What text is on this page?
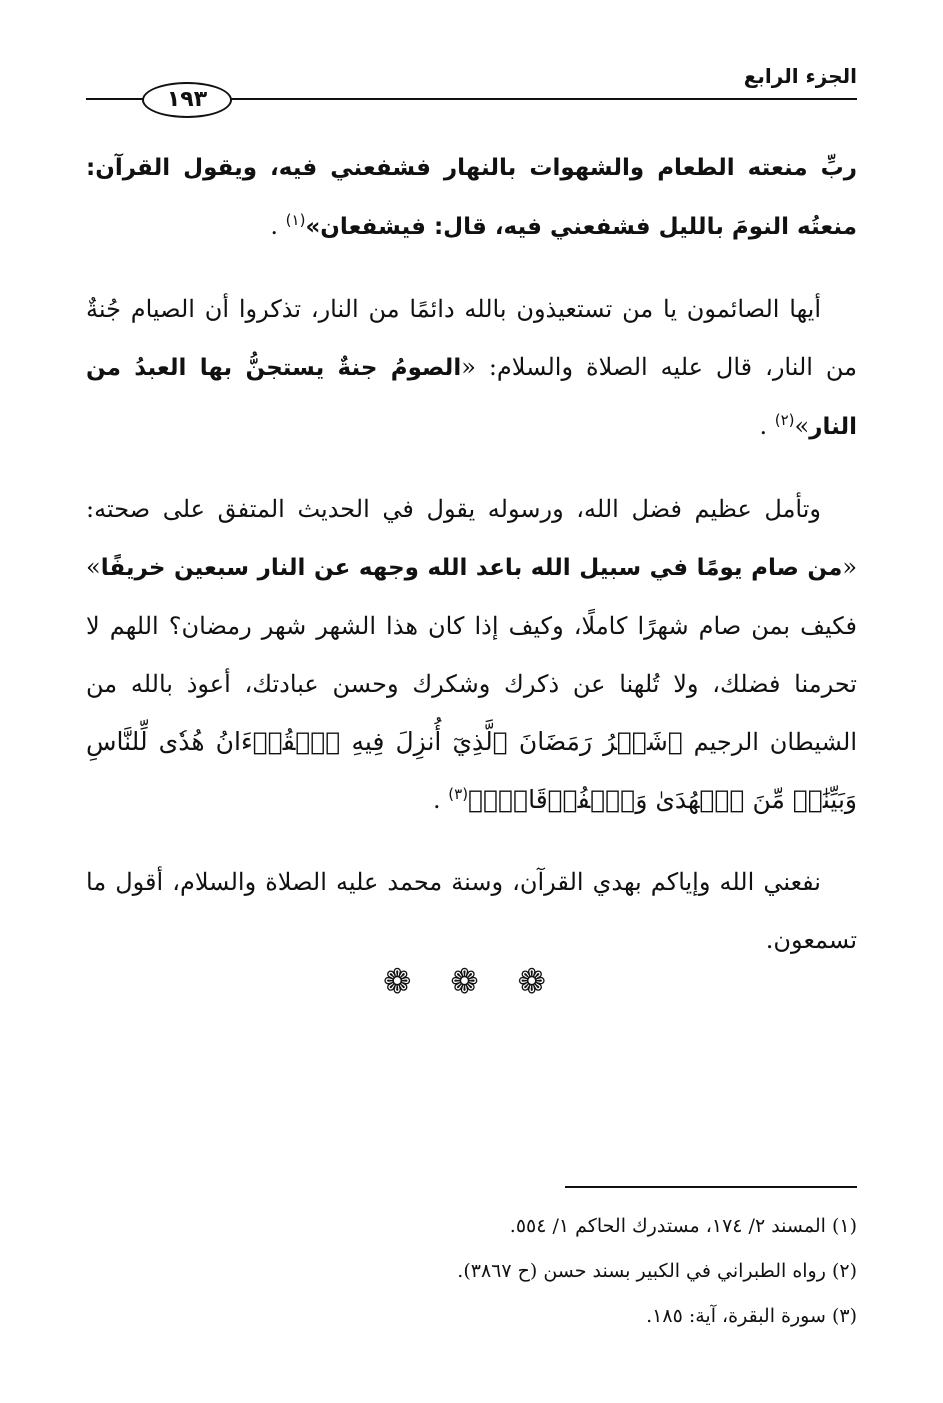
الجزء الرابع
١٩٣

ربِّ منعته الطعام والشهوات بالنهار فشفعني فيه، ويقول القرآن: منعتُه النومَ بالليل فشفعني فيه، قال: فيشفعان»$^{(١)}$ .

أيها الصائمون يا من تستعيذون بالله دائمًا من النار، تذكروا أن الصيام جُنةٌ من النار، قال عليه الصلاة والسلام: «الصومُ جنةٌ يستجنُّ بها العبدُ من النار»$^{(٢)}$ .

وتأمل عظيم فضل الله، ورسوله يقول في الحديث المتفق على صحته: «من صام يومًا في سبيل الله باعد الله وجهه عن النار سبعين خريفًا» فكيف بمن صام شهرًا كاملًا، وكيف إذا كان هذا الشهر شهر رمضان؟ اللهم لا تحرمنا فضلك، ولا تُلهنا عن ذكرك وشكرك وحسن عبادتك، أعوذ بالله من الشيطان الرجيم ﴿شَهۡرُ رَمَضَانَ ٱلَّذِيٓ أُنزِلَ فِيهِ ٱلۡقُرۡءَانُ هُدٗى لِّلنَّاسِ وَبَيِّنَٰتٖ مِّنَ ٱلۡهُدَىٰ وَٱلۡفُرۡقَانِۚ﴾$^{(٣)}$ .

نفعني الله وإياكم بهدي القرآن، وسنة محمد عليه الصلاة والسلام، أقول ما تسمعون.

❁ ❁ ❁

(١) المسند ٢/ ١٧٤، مستدرك الحاكم ١/ ٥٥٤.

(٢) رواه الطبراني في الكبير بسند حسن (ح ٣٨٦٧).

(٣) سورة البقرة، آية: ١٨٥.
